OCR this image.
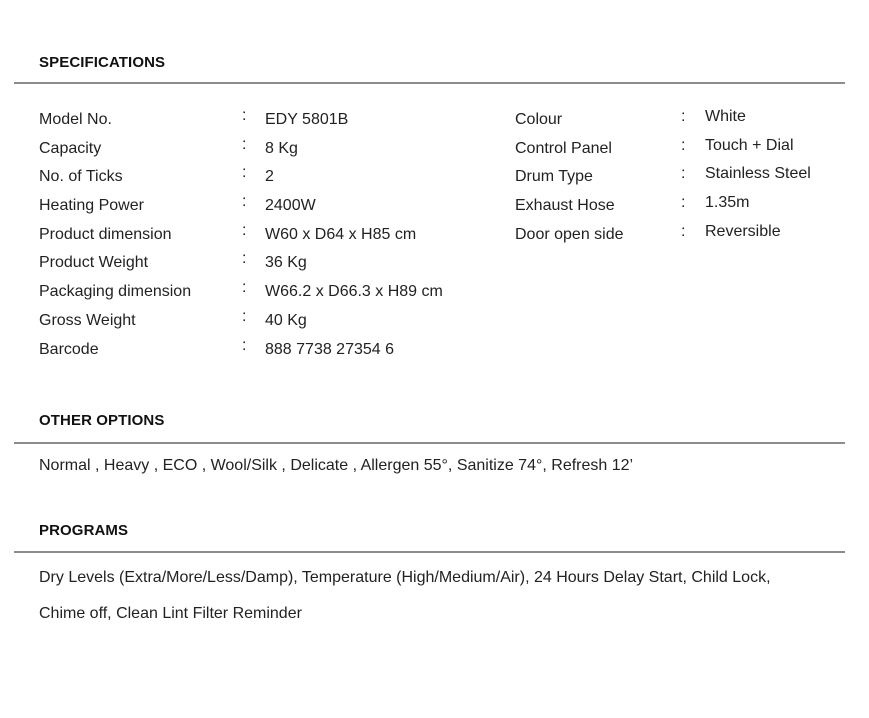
SPECIFICATIONS
Model No.	: EDY 5801B
Capacity	: 8 Kg
No. of Ticks	: 2
Heating Power	: 2400W
Product dimension	: W60 x D64 x H85 cm
Product Weight	: 36 Kg
Packaging dimension	: W66.2 x D66.3 x H89 cm
Gross Weight	: 40 Kg
Barcode	: 888 7738 27354 6
Colour	: White
Control Panel	: Touch + Dial
Drum Type	: Stainless Steel
Exhaust Hose	: 1.35m
Door open side	: Reversible
OTHER OPTIONS
Normal , Heavy , ECO , Wool/Silk , Delicate , Allergen 55°, Sanitize 74°, Refresh 12’
PROGRAMS
Dry Levels (Extra/More/Less/Damp), Temperature (High/Medium/Air), 24 Hours Delay Start, Child Lock,
Chime off, Clean Lint Filter Reminder
